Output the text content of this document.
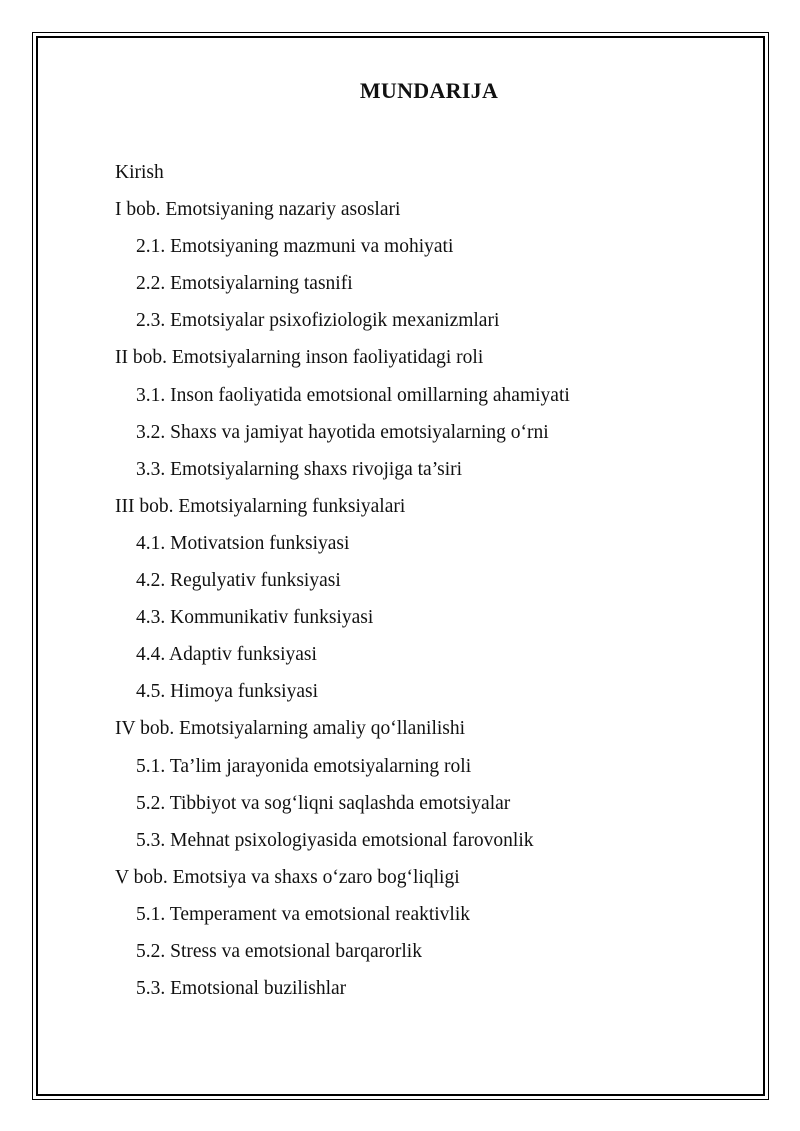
MUNDARIJA
Kirish
I bob. Emotsiyaning nazariy asoslari
2.1. Emotsiyaning mazmuni va mohiyati
2.2. Emotsiyalarning tasnifi
2.3. Emotsiyalar psixofiziologik mexanizmlari
II bob. Emotsiyalarning inson faoliyatidagi roli
3.1. Inson faoliyatida emotsional omillarning ahamiyati
3.2. Shaxs va jamiyat hayotida emotsiyalarning o‘rni
3.3. Emotsiyalarning shaxs rivojiga ta’siri
III bob. Emotsiyalarning funksiyalari
4.1. Motivatsion funksiyasi
4.2. Regulyativ funksiyasi
4.3. Kommunikativ funksiyasi
4.4. Adaptiv funksiyasi
4.5. Himoya funksiyasi
IV bob. Emotsiyalarning amaliy qo‘llanilishi
5.1. Ta’lim jarayonida emotsiyalarning roli
5.2. Tibbiyot va sog‘liqni saqlashda emotsiyalar
5.3. Mehnat psixologiyasida emotsional farovonlik
V bob. Emotsiya va shaxs o‘zaro bog‘liqligi
5.1. Temperament va emotsional reaktivlik
5.2. Stress va emotsional barqarorlik
5.3. Emotsional buzilishlar
